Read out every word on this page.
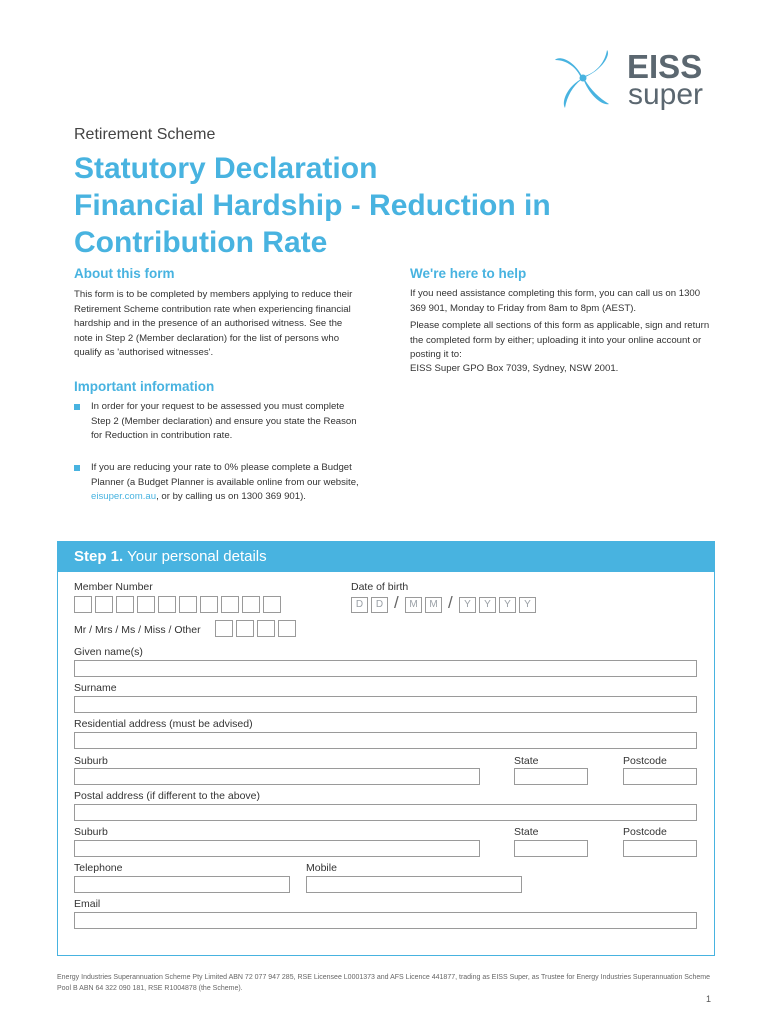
EISS
super
Retirement Scheme
Statutory Declaration
Financial Hardship - Reduction in
Contribution Rate
About this form
This form is to be completed by members applying to reduce their Retirement Scheme contribution rate when experiencing financial hardship and in the presence of an authorised witness. See the note in Step 2 (Member declaration) for the list of persons who qualify as 'authorised witnesses'.
We're here to help
If you need assistance completing this form, you can call us on 1300 369 901, Monday to Friday from 8am to 8pm (AEST).
Please complete all sections of this form as applicable, sign and return the completed form by either; uploading it into your online account or posting it to:
EISS Super GPO Box 7039, Sydney, NSW 2001.
Important information
In order for your request to be assessed you must complete Step 2 (Member declaration) and ensure you state the Reason for Reduction in contribution rate.
If you are reducing your rate to 0% please complete a Budget Planner (a Budget Planner is available online from our website, eisuper.com.au, or by calling us on 1300 369 901).
Step 1. Your personal details
Member Number	Date of birth
D	D /	M	M /	Y	Y	Y	Y
Mr / Mrs / Ms / Miss / Other
Given name(s)
Surname
Residential address (must be advised)
Suburb	State	Postcode
Postal address (if different to the above)
Suburb	State	Postcode
Telephone	Mobile
Email
Energy Industries Superannuation Scheme Pty Limited ABN 72 077 947 285, RSE Licensee L0001373 and AFS Licence 441877, trading as EISS Super, as Trustee for Energy Industries Superannuation Scheme Pool B ABN 64 322 090 181, RSE R1004878 (the Scheme).
1
